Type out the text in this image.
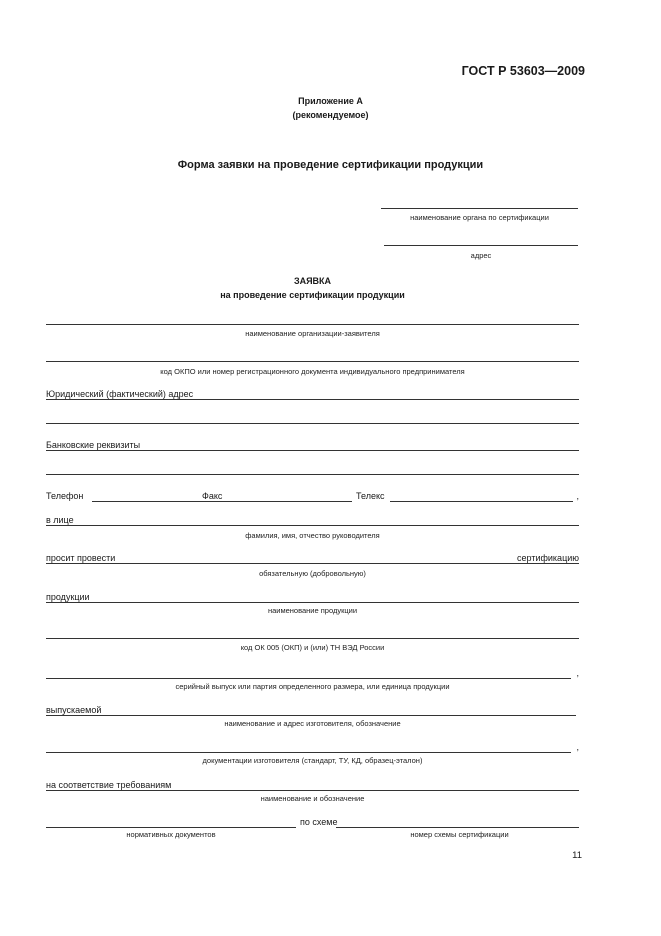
ГОСТ Р 53603—2009
Приложение А
(рекомендуемое)
Форма заявки на проведение сертификации продукции
наименование органа по сертификации
адрес
ЗАЯВКА
на проведение сертификации продукции
наименование организации-заявителя
код ОКПО или номер регистрационного документа индивидуального предпринимателя
Юридический (фактический) адрес
Банковские реквизиты
Телефон	Факс	Телекс	,
в лице
фамилия, имя, отчество руководителя
просит провести	сертификацию
обязательную (добровольную)
продукции
наименование продукции
код ОК 005 (ОКП) и (или) ТН ВЭД России
,
серийный выпуск или партия определенного размера, или единица продукции
выпускаемой
наименование и адрес изготовителя, обозначение
,
документации изготовителя (стандарт, ТУ, КД, образец-эталон)
на соответствие требованиям
наименование и обозначение
по схеме
нормативных документов	номер схемы сертификации
11
